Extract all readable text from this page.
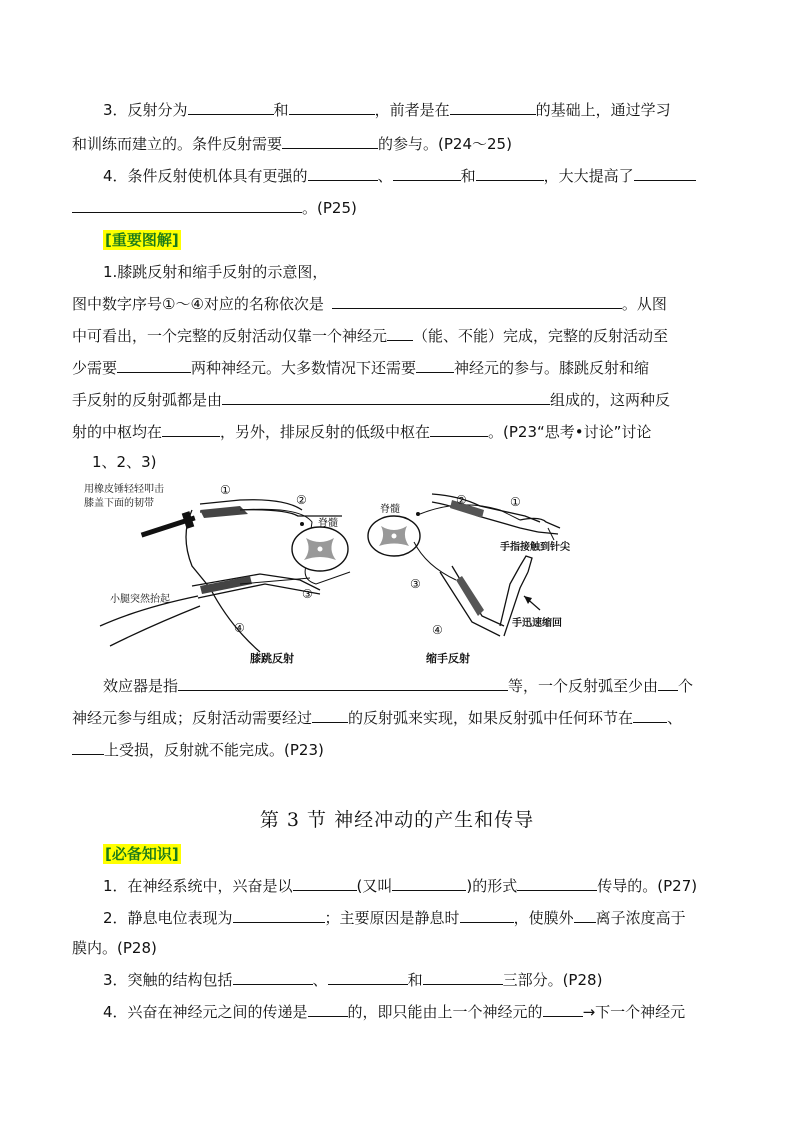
3．反射分为	和	，前者是在	的基础上，通过学习
和训练而建立的。条件反射需要	的参与。(P24～25)
4．条件反射使机体具有更强的	、	和	，大大提高了
。(P25)
[重要图解]
1.膝跳反射和缩手反射的示意图，
图中数字序号①～④对应的名称依次是	。从图
中可看出，一个完整的反射活动仅靠一个神经元 （能、不能）完成，完整的反射活动至
少需要	两种神经元。大多数情况下还需要	神经元的参与。膝跳反射和缩
手反射的反射弧都是由	组成的，这两种反
射的中枢均在	，另外，排尿反射的低级中枢在	。(P23“思考•讨论”讨论
1、2、3)
脊髓
用橡皮锤轻轻叩击
膝盖下面的韧带
小腿突然抬起
①
②
③
④
膝跳反射
脊髓
②	①
③
④
手指接触到针尖
手迅速缩回
缩手反射
效应器是指	等，一个反射弧至少由 个
神经元参与组成；反射活动需要经过 的反射弧来实现，如果反射弧中任何环节在 、
上受损，反射就不能完成。(P23)
第 3 节 神经冲动的产生和传导
[必备知识]
1．在神经系统中，兴奋是以	(又叫	)的形式	传导的。(P27)
2．静息电位表现为	；主要原因是静息时	，使膜外 离子浓度高于
膜内。(P28)
3．突触的结构包括	、	和	三部分。(P28)
4．兴奋在神经元之间的传递是	的，即只能由上一个神经元的	→下一个神经元
